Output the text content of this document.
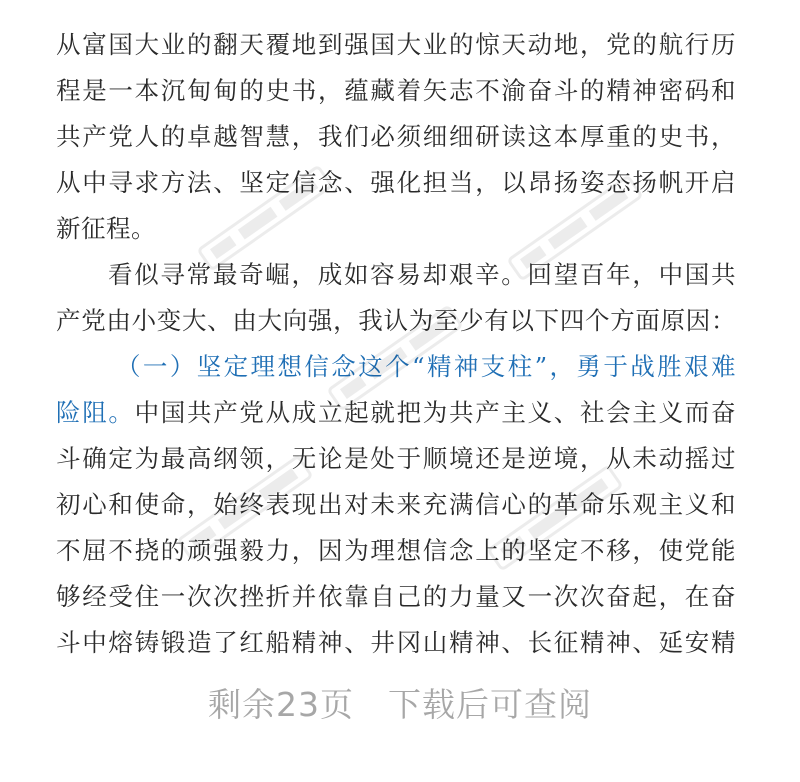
从富国大业的翻天覆地到强国大业的惊天动地，党的航行历
程是一本沉甸甸的史书，蕴藏着矢志不渝奋斗的精神密码和
共产党人的卓越智慧，我们必须细细研读这本厚重的史书，
从中寻求方法、坚定信念、强化担当，以昂扬姿态扬帆开启
新征程。
看似寻常最奇崛，成如容易却艰辛。回望百年，中国共
产党由小变大、由大向强，我认为至少有以下四个方面原因：
（一）坚定理想信念这个“精神支柱”，勇于战胜艰难
险阻。中国共产党从成立起就把为共产主义、社会主义而奋
斗确定为最高纲领，无论是处于顺境还是逆境，从未动摇过
初心和使命，始终表现出对未来充满信心的革命乐观主义和
不屈不挠的顽强毅力，因为理想信念上的坚定不移，使党能
够经受住一次次挫折并依靠自己的力量又一次次奋起，在奋
斗中熔铸锻造了红船精神、井冈山精神、长征精神、延安精
剩余23页 下载后可查阅
